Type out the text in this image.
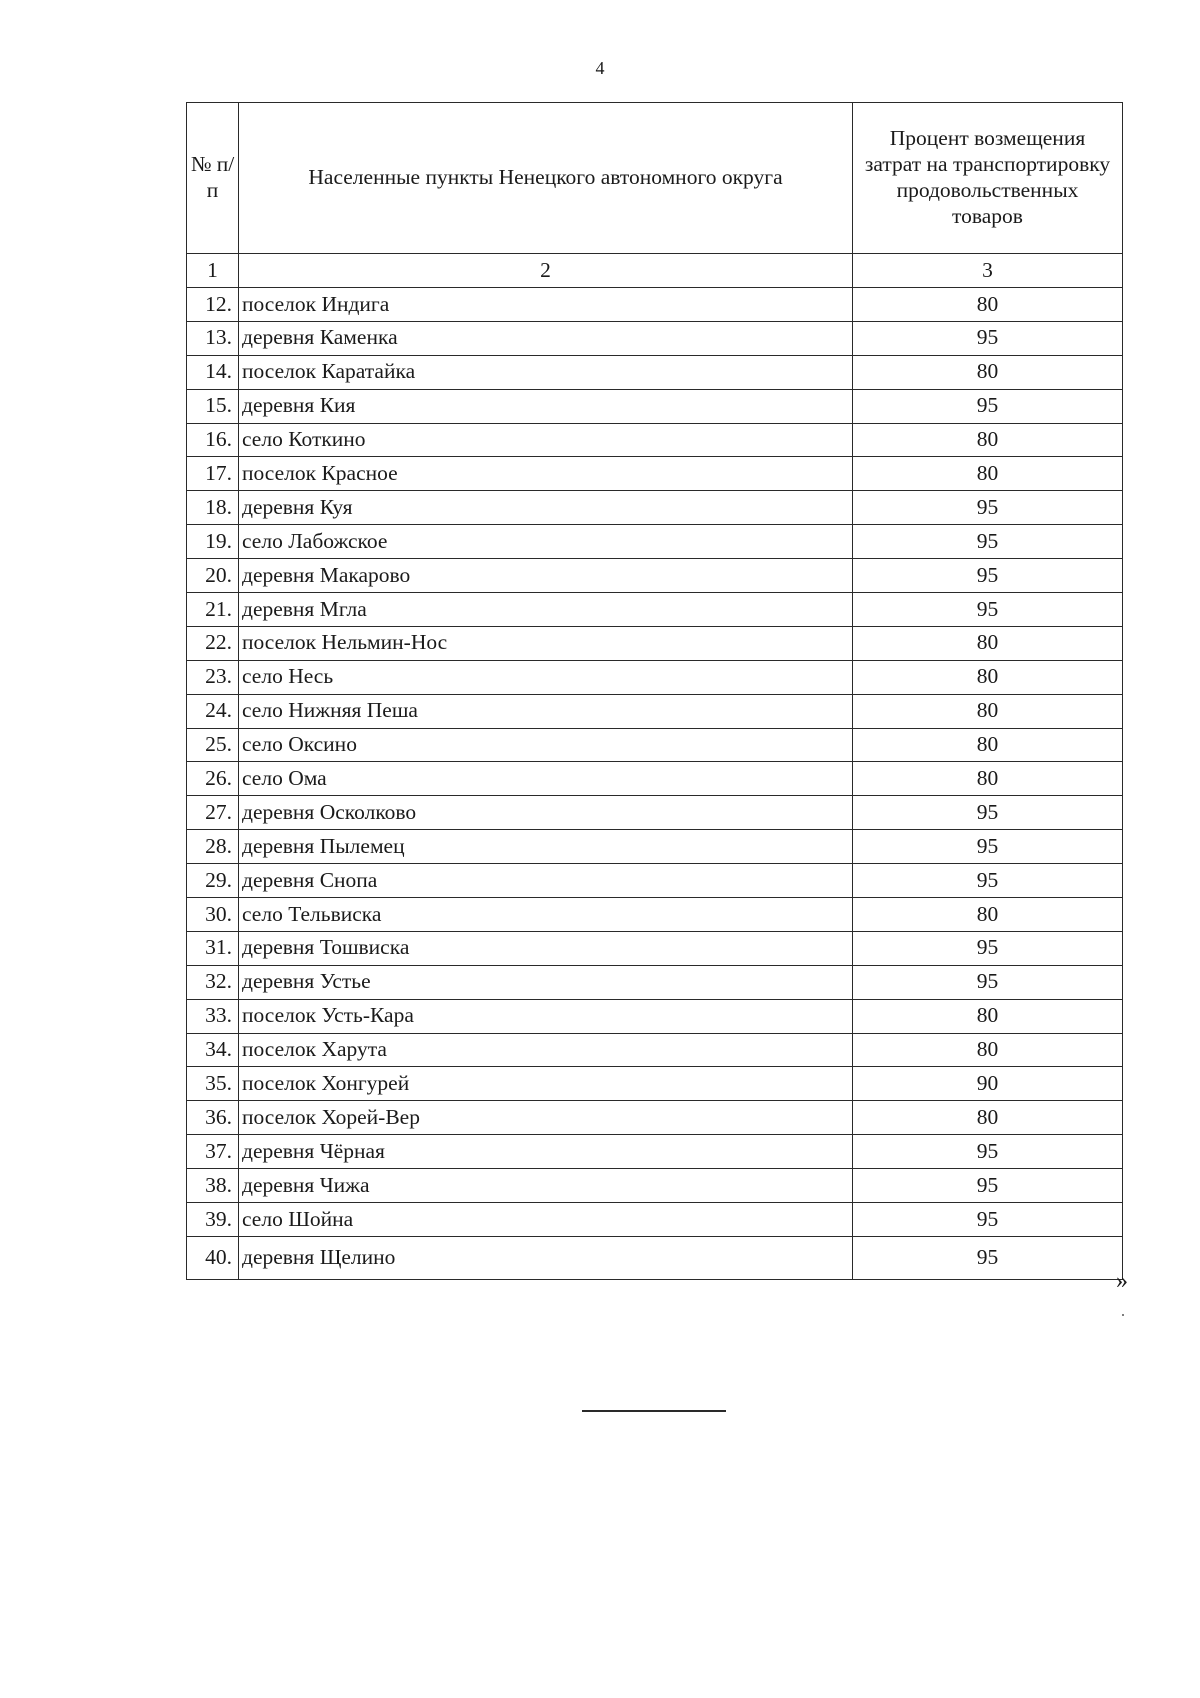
4
№ п/п	Населенные пункты Ненецкого автономного округа	Процент возмещения затрат на транспортировку продовольственных товаров
1	2	3
12.	поселок Индига	80
13.	деревня Каменка	95
14.	поселок Каратайка	80
15.	деревня Кия	95
16.	село Коткино	80
17.	поселок Красное	80
18.	деревня Куя	95
19.	село Лабожское	95
20.	деревня Макарово	95
21.	деревня Мгла	95
22.	поселок Нельмин-Нос	80
23.	село Несь	80
24.	село Нижняя Пеша	80
25.	село Оксино	80
26.	село Ома	80
27.	деревня Осколково	95
28.	деревня Пылемец	95
29.	деревня Снопа	95
30.	село Тельвиска	80
31.	деревня Тошвиска	95
32.	деревня Устье	95
33.	поселок Усть-Кара	80
34.	поселок Харута	80
35.	поселок Хонгурей	90
36.	поселок Хорей-Вер	80
37.	деревня Чёрная	95
38.	деревня Чижа	95
39.	село Шойна	95
40.	деревня Щелино	95
»
